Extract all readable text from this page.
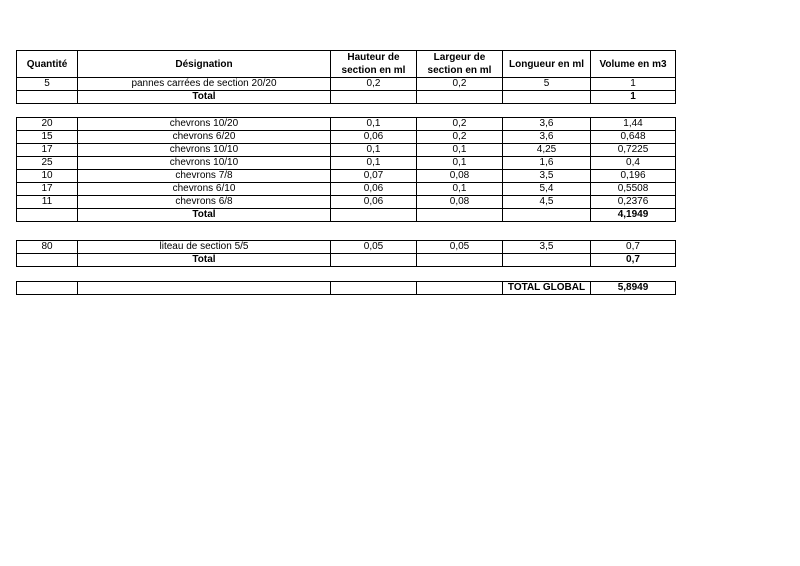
Quantité	Désignation	Hauteur de section en ml	Largeur de section en ml	Longueur en ml	Volume en m3
5	pannes carrées de section 20/20	0,2	0,2	5	1
	Total				1
20	chevrons 10/20	0,1	0,2	3,6	1,44
15	chevrons 6/20	0,06	0,2	3,6	0,648
17	chevrons 10/10	0,1	0,1	4,25	0,7225
25	chevrons 10/10	0,1	0,1	1,6	0,4
10	chevrons 7/8	0,07	0,08	3,5	0,196
17	chevrons 6/10	0,06	0,1	5,4	0,5508
11	chevrons 6/8	0,06	0,08	4,5	0,2376
	Total				4,1949
80	liteau de section 5/5	0,05	0,05	3,5	0,7
	Total				0,7
				TOTAL GLOBAL	5,8949
